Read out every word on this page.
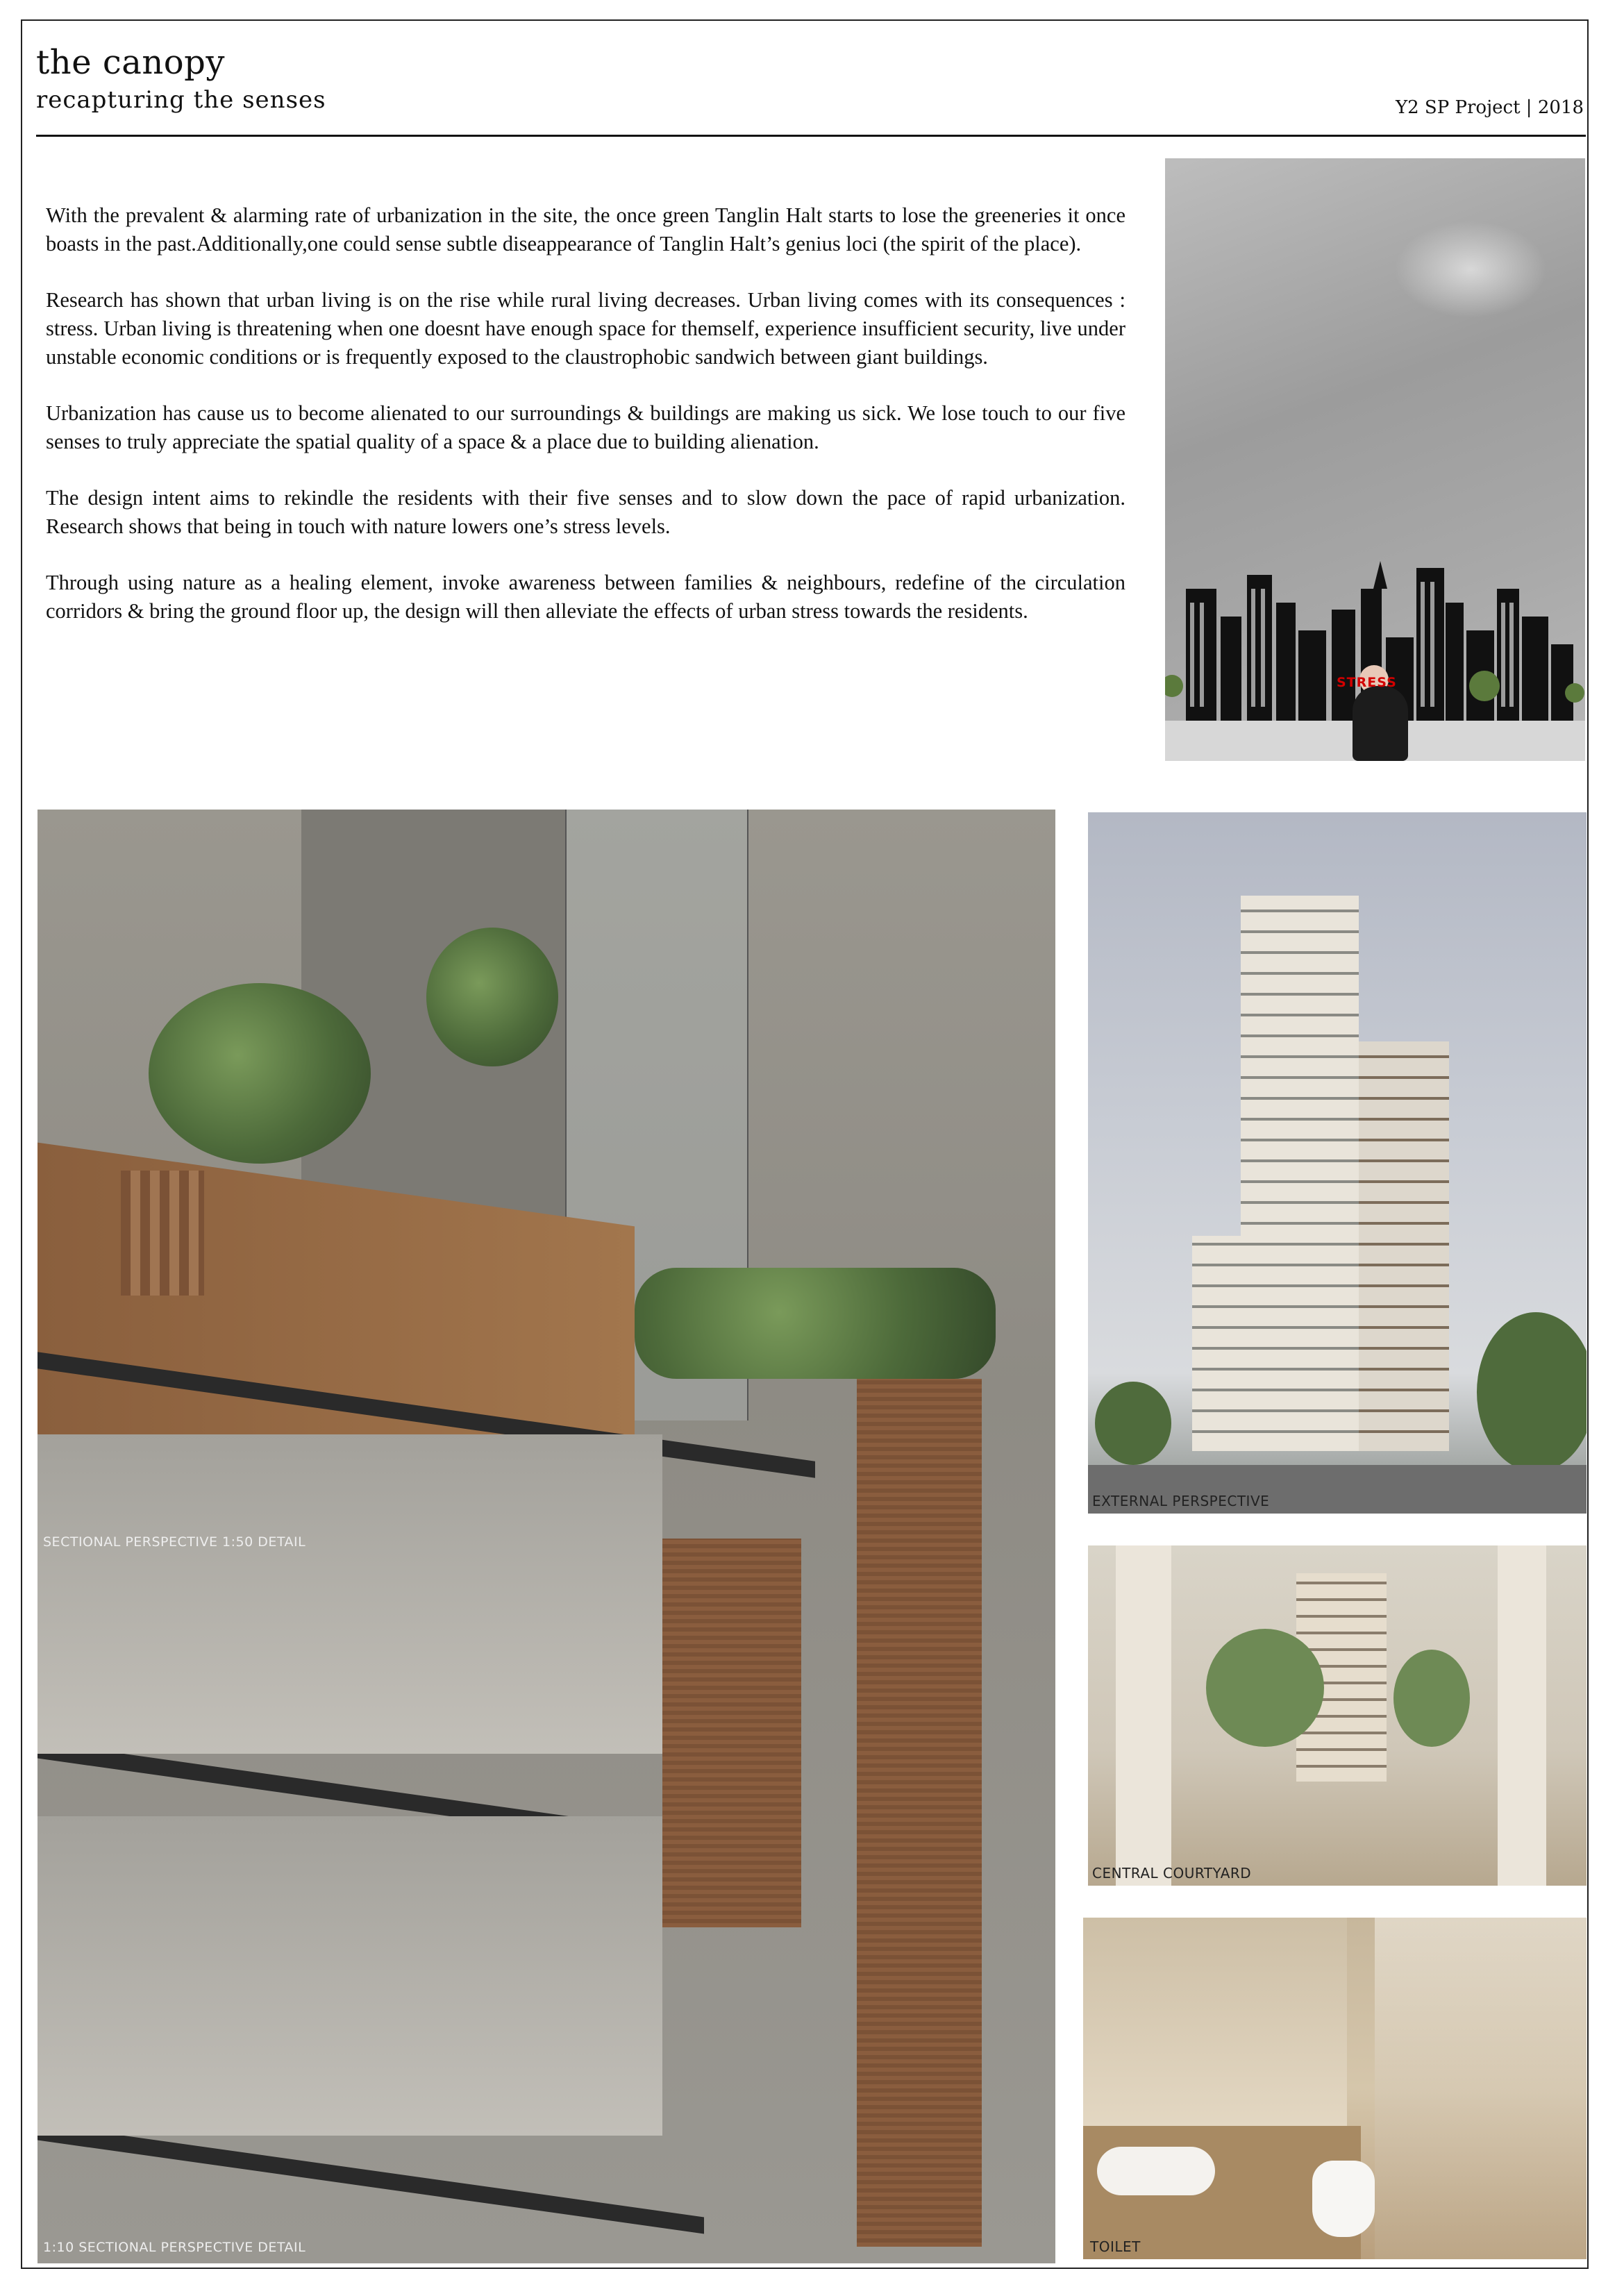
the canopy
recapturing the senses	Y2 SP Project | 2018

With the prevalent & alarming rate of urbanization in the site, the once green Tanglin Halt starts to lose the greeneries it once boasts in the past.Additionally,one could sense subtle diseappearance of Tanglin Halt’s genius loci (the spirit of the place).

Research has shown that urban living is on the rise while rural living decreases. Urban living comes with its consequences : stress. Urban living is threatening when one doesnt have enough space for themself, experience insufficient security, live under unstable economic conditions or is frequently exposed to the claustrophobic sandwich between giant buildings.

Urbanization has cause us to become alienated to our surroundings & buildings are making us sick. We lose touch to our five senses to truly appreciate the spatial quality of a space & a place due to building alienation.

The design intent aims to rekindle the residents with their five senses and to slow down the pace of rapid urbanization. Research shows that being in touch with nature lowers one’s stress levels.

Through using nature as a healing element, invoke awareness between families & neighbours, redefine of the circulation corridors & bring the ground floor up, the design will then alleviate the effects of urban stress towards the residents.

STRESS
SECTIONAL PERSPECTIVE 1:50 DETAIL
1:10 SECTIONAL PERSPECTIVE DETAIL
EXTERNAL PERSPECTIVE
CENTRAL COURTYARD
TOILET
